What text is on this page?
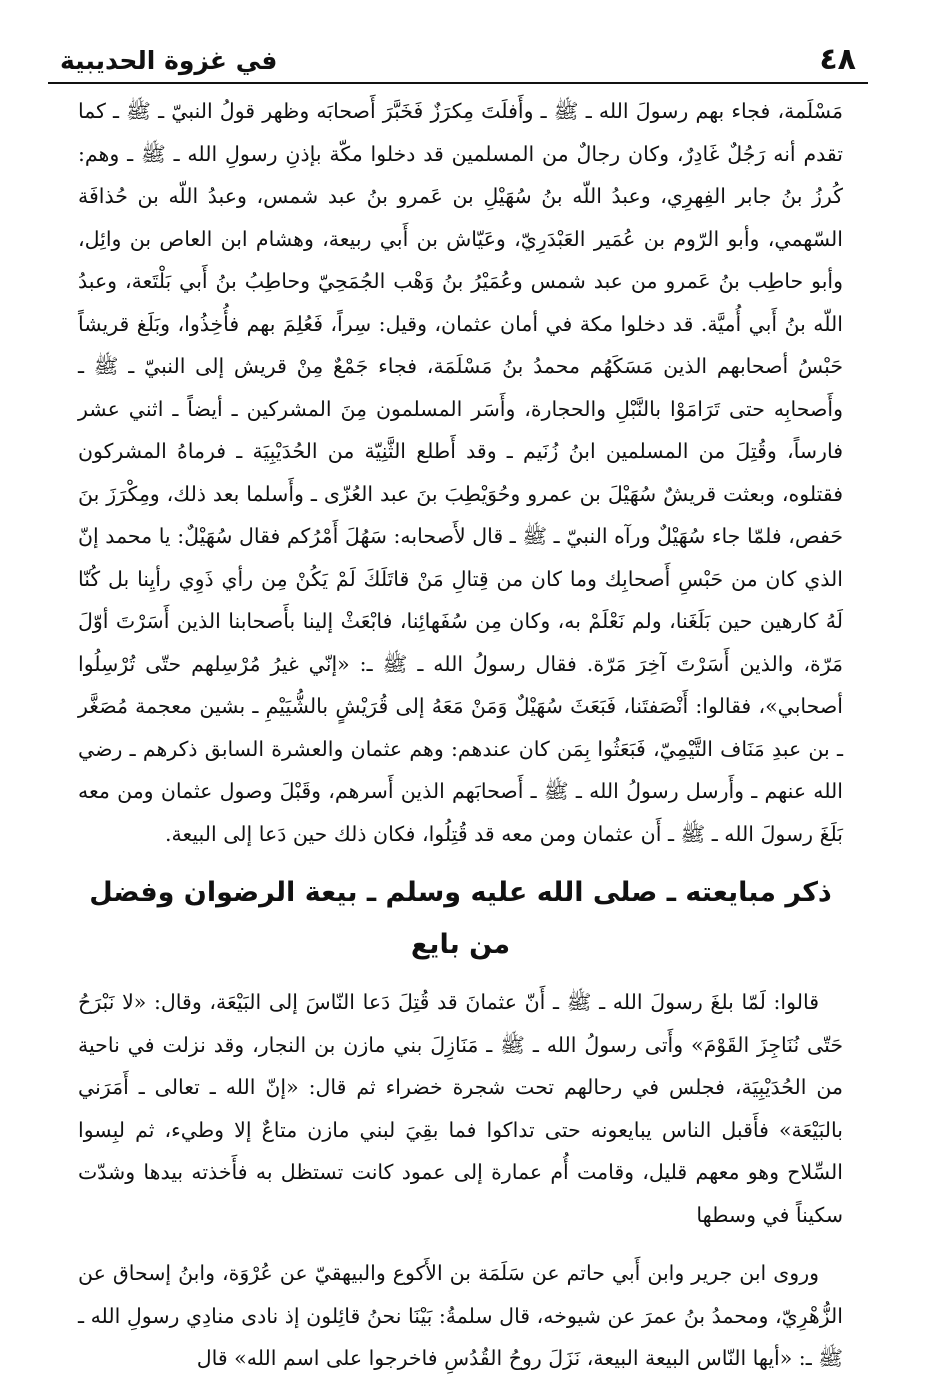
٤٨
في غزوة الحديبية

مَسْلَمة، فجاء بهم رسولَ الله ـ ﷺ ـ وأَفلَتَ مِكرَزٌ فَخَبَّرَ أَصحابَه وظهر قولُ النبيّ ـ ﷺ ـ كما تقدم أنه رَجُلٌ غَادِرٌ، وكان رجالٌ من المسلمين قد دخلوا مكّة بإذنِ رسولِ الله ـ ﷺ ـ وهم: كُرزُ بنُ جابر الفِهرِي، وعبدُ اللّه بنُ سُهَيْلِ بن عَمرو بنُ عبد شمس، وعبدُ اللّه بن حُذافَة السّهمي، وأبو الرّوم بن عُمَير العَبْدَرِيّ، وعَيّاش بن أَبي ربيعة، وهشام ابن العاص بن وائِل، وأبو حاطِب بنُ عَمرو من عبد شمس وعُمَيْرُ بنُ وَهْب الجُمَحِيّ وحاطِبُ بنُ أَبي بَلْتَعة، وعبدُ اللّه بنُ أَبي أُميَّة. قد دخلوا مكة في أمان عثمان، وقيل: سِراً، فَعُلِمَ بهم فأُخِذُوا، وبَلَغ قريشاً حَبْسُ أصحابهم الذين مَسَكَهُم محمدُ بنُ مَسْلَمَة، فجاء جَمْعٌ مِنْ قريش إلى النبيّ ـ ﷺ ـ وأَصحابِه حتى تَرَامَوْا بالنَّبْلِ والحجارة، وأَسَر المسلمون مِنَ المشركين ـ أيضاً ـ اثني عشر فارساً، وقُتِلَ من المسلمين ابنُ زُنَيم ـ وقد أَطلع الثَّنِيّة من الحُدَيْبِيَة ـ فرماهُ المشركون فقتلوه، وبعثت قريشٌ سُهَيْلَ بن عمرو وحُوَيْطِبَ بنَ عبد العُزّى ـ وأَسلما بعد ذلك، ومِكْرَزَ بنَ حَفص، فلمّا جاء سُهَيْلٌ ورآه النبيّ ـ ﷺ ـ قال لأَصحابه: سَهُلَ أَمْرُكم فقال سُهَيْلٌ: يا محمد إنّ الذي كان من حَبْسِ أَصحابِك وما كان من قِتالِ مَنْ قاتَلَكَ لَمْ يَكُنْ مِن رأي ذَوِي رأيِنا بل كُنّا لَهُ كارهين حين بَلَغَنا، ولم نَعْلَمْ به، وكان مِن سُفَهائِنا، فابْعَثْ إلينا بأَصحابنا الذين أَسَرْتَ أوّلَ مَرّة، والذين أَسَرْتَ آخِرَ مَرّة. فقال رسولُ الله ـ ﷺ ـ: «إنّي غيرُ مُرْسِلهم حتّى تُرْسِلُوا أصحابي»، فقالوا: أَنْصَفتَنا، فَبَعَثَ سُهَيْلٌ وَمَنْ مَعَهُ إلى قُرَيْشٍ بالشُّيَيْمِ ـ بشين معجمة مُصَغَّر ـ بن عبدِ مَنَاف التَّيْمِيّ، فَبَعَثُوا بِمَن كان عندهم: وهم عثمان والعشرة السابق ذكرهم ـ رضي الله عنهم ـ وأَرسل رسولُ الله ـ ﷺ ـ أَصحابَهم الذين أَسرهم، وقَبْلَ وصول عثمان ومن معه بَلَغَ رسولَ الله ـ ﷺ ـ أَن عثمان ومن معه قد قُتِلُوا، فكان ذلك حين دَعا إلى البيعة.

ذكر مبايعته ـ صلى الله عليه وسلم ـ بيعة الرضوان وفضل من بايع

قالوا: لَمّا بلغَ رسولَ الله ـ ﷺ ـ أَنّ عثمانَ قد قُتِلَ دَعا النّاسَ إلى البَيْعَة، وقال: «لا نَبْرَحُ حَتّى نُنَاجِزَ القَوْمَ» وأَتى رسولُ الله ـ ﷺ ـ مَنَازِلَ بني مازن بن النجار، وقد نزلت في ناحية من الحُدَيْبِيَة، فجلس في رحالهم تحت شجرة خضراء ثم قال: «إنّ الله ـ تعالى ـ أَمَرَني بالبَيْعَة» فأَقبل الناس يبايعونه حتى تداكوا فما بقِيَ لبني مازن متاعٌ إلا وطيء، ثم لبِسوا السِّلاح وهو معهم قليل، وقامت أُم عمارة إلى عمود كانت تستظل به فأَخذته بيدها وشدّت سكيناً في وسطها

وروى ابن جرير وابن أَبي حاتم عن سَلَمَة بن الأَكوع والبيهقيّ عن عُرْوَة، وابنُ إسحاق عن الزُّهْرِيّ، ومحمدُ بنُ عمرَ عن شيوخه، قال سلمةُ: بَيْنَا نحنُ قائِلون إذ نادى منادِي رسولِ الله ـ ﷺ ـ: «أيها النّاس البيعة البيعة، نَزَلَ روحُ القُدُسِ فاخرجوا على اسم الله» قال
